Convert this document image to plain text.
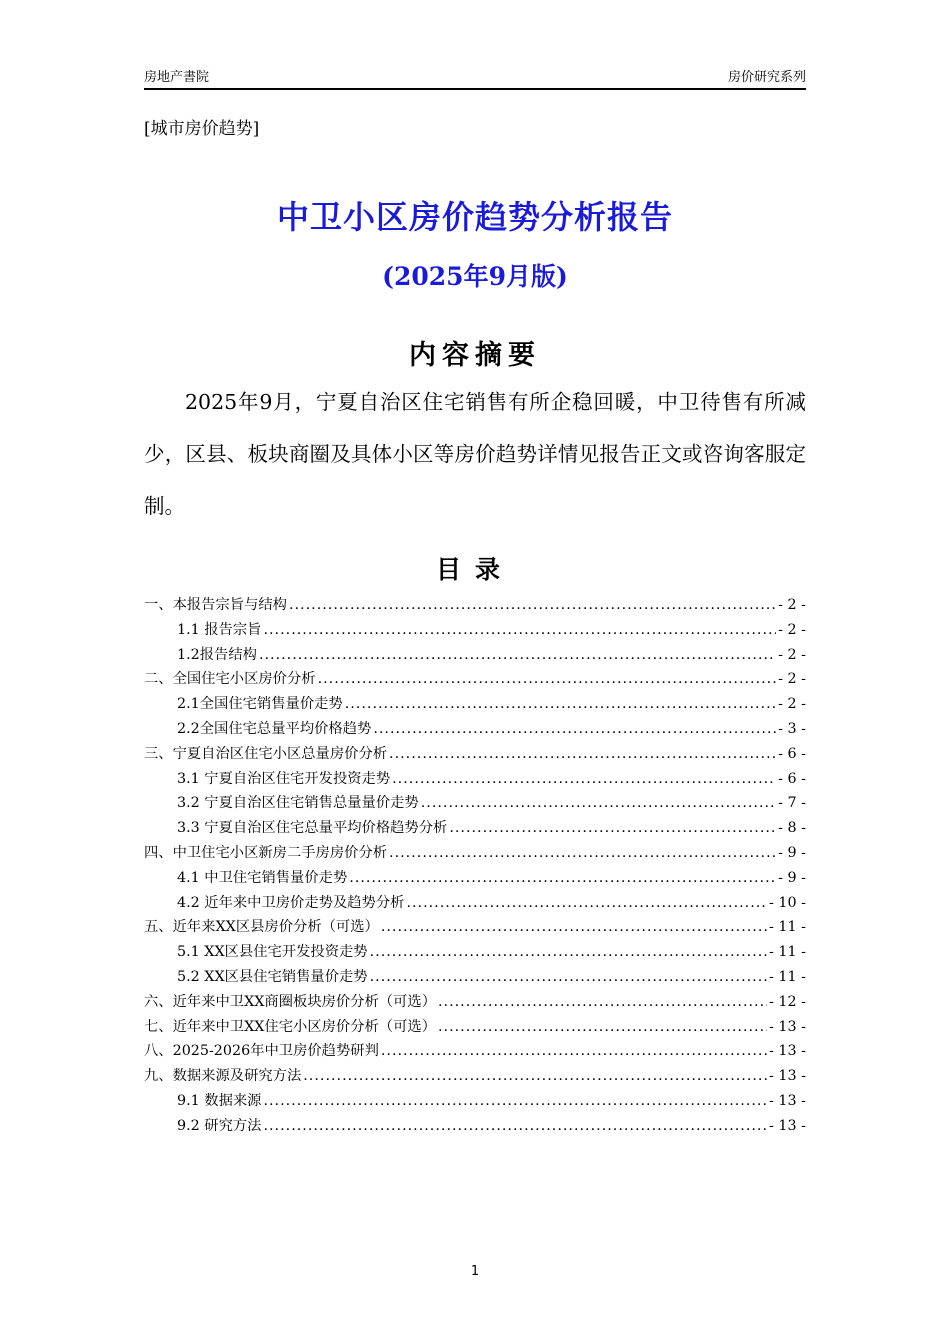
房地产書院	房价研究系列
[城市房价趋势]
中卫小区房价趋势分析报告
(2025年9月版)
内容摘要
2025年9月，宁夏自治区住宅销售有所企稳回暖，中卫待售有所减少，区县、板块商圈及具体小区等房价趋势详情见报告正文或咨询客服定制。
目录
一、本报告宗旨与结构 .....	- 2 -
1.1 报告宗旨 .....	- 2 -
1.2报告结构 .....	- 2 -
二、全国住宅小区房价分析 .....	- 2 -
2.1全国住宅销售量价走势 .....	- 2 -
2.2全国住宅总量平均价格趋势 .....	- 3 -
三、宁夏自治区住宅小区总量房价分析 .....	- 6 -
3.1 宁夏自治区住宅开发投资走势 .....	- 6 -
3.2 宁夏自治区住宅销售总量量价走势 .....	- 7 -
3.3 宁夏自治区住宅总量平均价格趋势分析 .....	- 8 -
四、中卫住宅小区新房二手房房价分析 .....	- 9 -
4.1 中卫住宅销售量价走势 .....	- 9 -
4.2 近年来中卫房价走势及趋势分析 .....	- 10 -
五、近年来XX区县房价分析（可选） .....	- 11 -
5.1 XX区县住宅开发投资走势 .....	- 11 -
5.2 XX区县住宅销售量价走势 .....	- 11 -
六、近年来中卫XX商圈板块房价分析（可选） .....	- 12 -
七、近年来中卫XX住宅小区房价分析（可选） .....	- 13 -
八、2025-2026年中卫房价趋势研判 .....	- 13 -
九、数据来源及研究方法 .....	- 13 -
9.1 数据来源 .....	- 13 -
9.2 研究方法 .....	- 13 -
1
